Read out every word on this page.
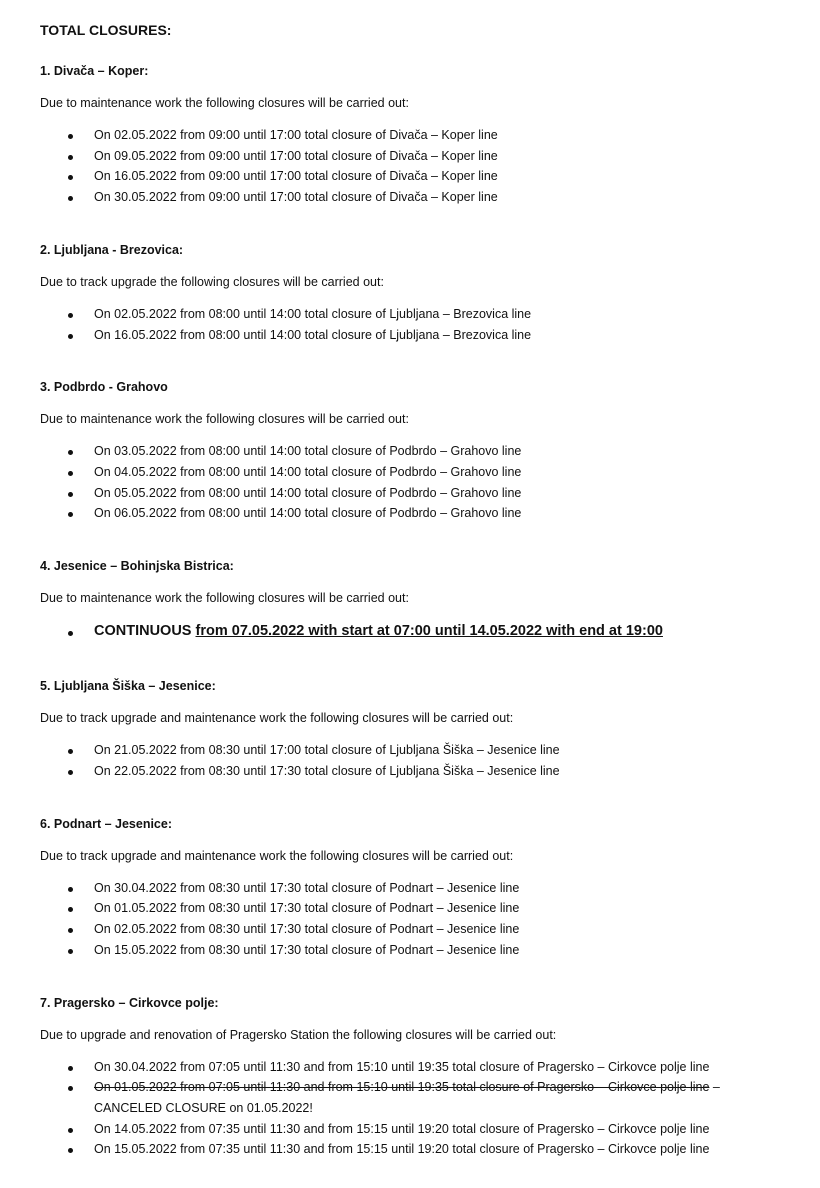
TOTAL CLOSURES:
1. Divača – Koper:
Due to maintenance work the following closures will be carried out:
On 02.05.2022 from 09:00 until 17:00 total closure of Divača – Koper line
On 09.05.2022 from 09:00 until 17:00 total closure of Divača – Koper line
On 16.05.2022 from 09:00 until 17:00 total closure of Divača – Koper line
On 30.05.2022 from 09:00 until 17:00 total closure of Divača – Koper line
2. Ljubljana - Brezovica:
Due to track upgrade the following closures will be carried out:
On 02.05.2022 from 08:00 until 14:00 total closure of Ljubljana – Brezovica line
On 16.05.2022 from 08:00 until 14:00 total closure of Ljubljana – Brezovica line
3. Podbrdo - Grahovo
Due to maintenance work the following closures will be carried out:
On 03.05.2022 from 08:00 until 14:00 total closure of Podbrdo – Grahovo line
On 04.05.2022 from 08:00 until 14:00 total closure of Podbrdo – Grahovo line
On 05.05.2022 from 08:00 until 14:00 total closure of Podbrdo – Grahovo line
On 06.05.2022 from 08:00 until 14:00 total closure of Podbrdo – Grahovo line
4. Jesenice – Bohinjska Bistrica:
Due to maintenance work the following closures will be carried out:
CONTINUOUS from 07.05.2022 with start at 07:00 until 14.05.2022 with end at 19:00
5. Ljubljana Šiška – Jesenice:
Due to track upgrade and maintenance work the following closures will be carried out:
On 21.05.2022 from 08:30 until 17:00 total closure of Ljubljana Šiška – Jesenice line
On 22.05.2022 from 08:30 until 17:30 total closure of Ljubljana Šiška – Jesenice line
6. Podnart – Jesenice:
Due to track upgrade and maintenance work the following closures will be carried out:
On 30.04.2022 from 08:30 until 17:30 total closure of Podnart – Jesenice line
On 01.05.2022 from 08:30 until 17:30 total closure of Podnart – Jesenice line
On 02.05.2022 from 08:30 until 17:30 total closure of Podnart – Jesenice line
On 15.05.2022 from 08:30 until 17:30 total closure of Podnart – Jesenice line
7. Pragersko – Cirkovce polje:
Due to upgrade and renovation of Pragersko Station the following closures will be carried out:
On 30.04.2022 from 07:05 until 11:30 and from 15:10 until 19:35 total closure of Pragersko – Cirkovce polje line
On 01.05.2022 from 07:05 until 11:30 and from 15:10 until 19:35 total closure of Pragersko – Cirkovce polje line –
CANCELED CLOSURE on 01.05.2022!
On 14.05.2022 from 07:35 until 11:30 and from 15:15 until 19:20 total closure of Pragersko – Cirkovce polje line
On 15.05.2022 from 07:35 until 11:30 and from 15:15 until 19:20 total closure of Pragersko – Cirkovce polje line
